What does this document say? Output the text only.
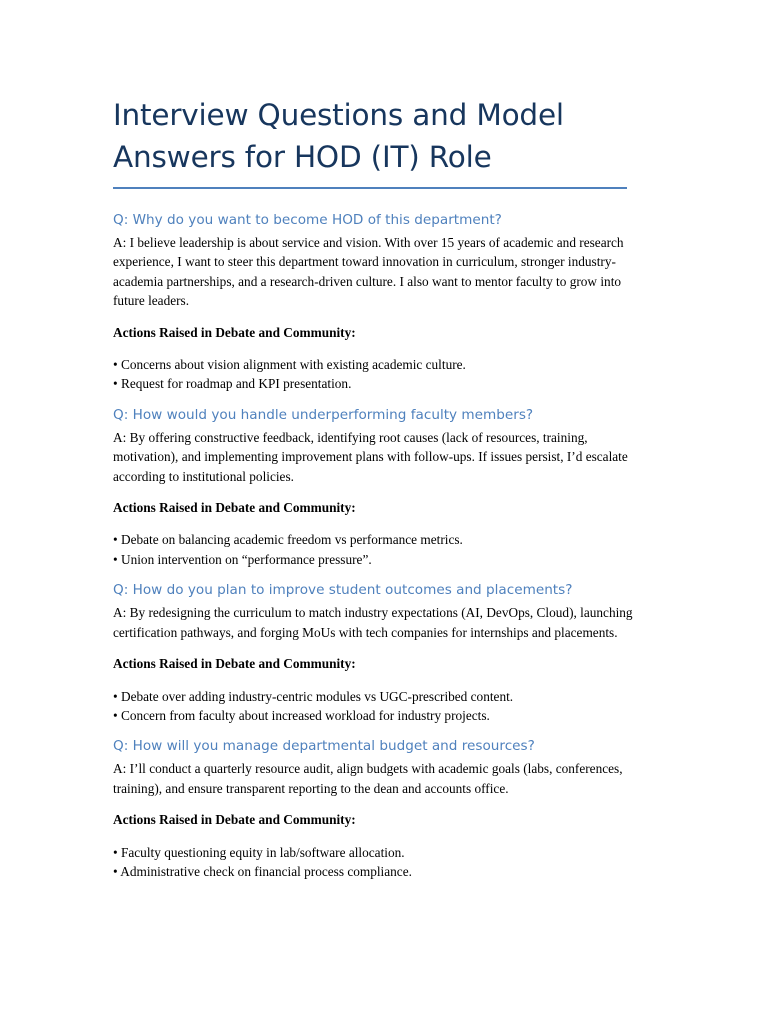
Interview Questions and Model
Answers for HOD (IT) Role
Q: Why do you want to become HOD of this department?

A: I believe leadership is about service and vision. With over 15 years of academic and research experience, I want to steer this department toward innovation in curriculum, stronger industry-academia partnerships, and a research-driven culture. I also want to mentor faculty to grow into future leaders.

Actions Raised in Debate and Community:

• Concerns about vision alignment with existing academic culture.

• Request for roadmap and KPI presentation.

Q: How would you handle underperforming faculty members?

A: By offering constructive feedback, identifying root causes (lack of resources, training, motivation), and implementing improvement plans with follow-ups. If issues persist, I’d escalate according to institutional policies.

Actions Raised in Debate and Community:

• Debate on balancing academic freedom vs performance metrics.

• Union intervention on “performance pressure”.

Q: How do you plan to improve student outcomes and placements?

A: By redesigning the curriculum to match industry expectations (AI, DevOps, Cloud), launching certification pathways, and forging MoUs with tech companies for internships and placements.

Actions Raised in Debate and Community:

• Debate over adding industry-centric modules vs UGC-prescribed content.

• Concern from faculty about increased workload for industry projects.

Q: How will you manage departmental budget and resources?

A: I’ll conduct a quarterly resource audit, align budgets with academic goals (labs, conferences, training), and ensure transparent reporting to the dean and accounts office.

Actions Raised in Debate and Community:

• Faculty questioning equity in lab/software allocation.

• Administrative check on financial process compliance.
